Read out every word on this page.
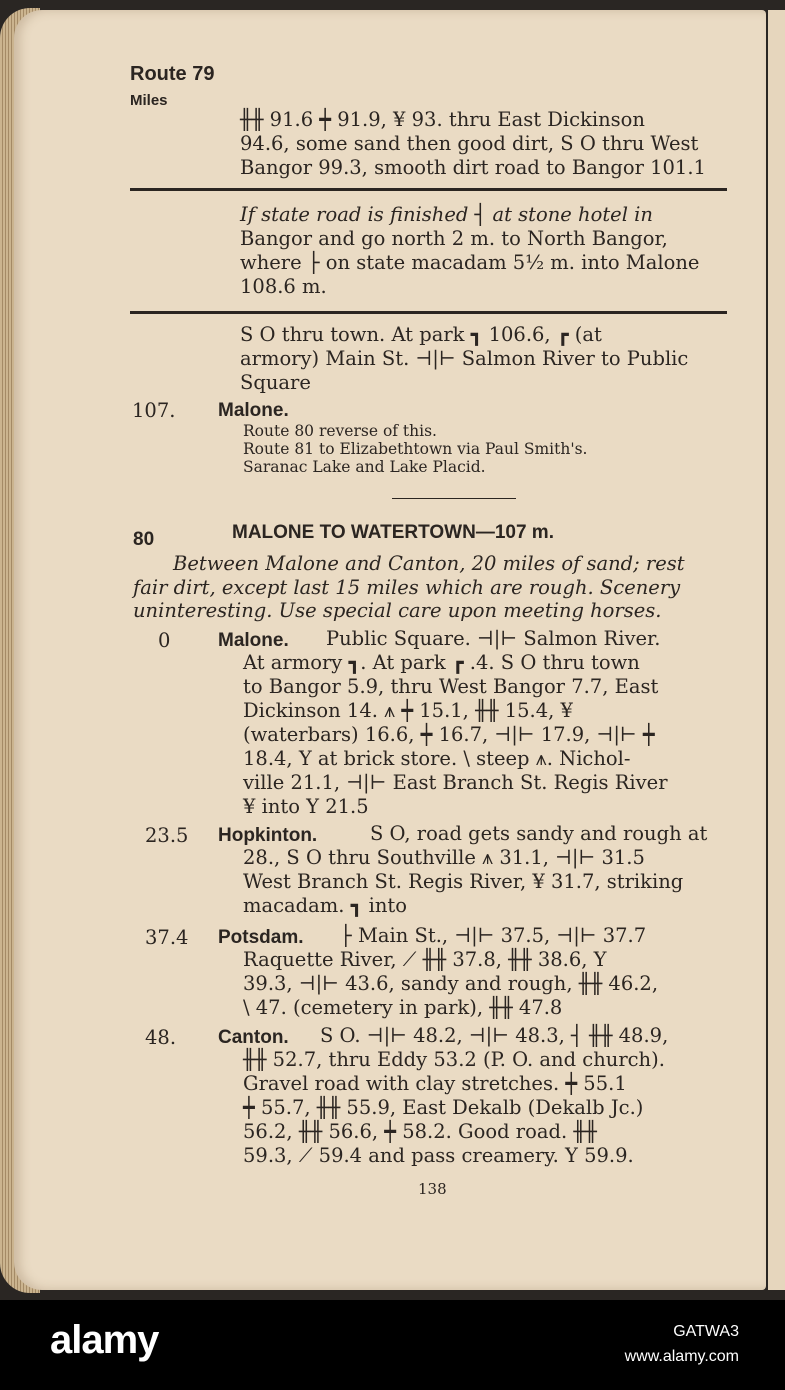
Route 79
Miles
╫╫ 91.6 ┿ 91.9, ¥ 93. thru East Dickinson
94.6, some sand then good dirt, S O thru West
Bangor 99.3, smooth dirt road to Bangor 101.1
If state road is finished ┤ at stone hotel in
Bangor and go north 2 m. to North Bangor,
where ├ on state macadam 5½ m. into Malone
108.6 m.
S O thru town. At park ┓ 106.6, ┏ (at
armory) Main St. ⊣|⊢ Salmon River to Public
Square
107. Malone.
Route 80 reverse of this.
Route 81 to Elizabethtown via Paul Smith's.
Saranac Lake and Lake Placid.
80	MALONE TO WATERTOWN—107 m.
Between Malone and Canton, 20 miles of sand; rest
fair dirt, except last 15 miles which are rough. Scenery
uninteresting. Use special care upon meeting horses.
0	Malone. Public Square. ⊣|⊢ Salmon River.
At armory ┓. At park ┏ .4. S O thru town
to Bangor 5.9, thru West Bangor 7.7, East
Dickinson 14. ⩚ ┿ 15.1, ╫╫ 15.4, ¥
(waterbars) 16.6, ┿ 16.7, ⊣|⊢ 17.9, ⊣|⊢ ┿
18.4, Y at brick store. \ steep ⩚. Nichol-
ville 21.1, ⊣|⊢ East Branch St. Regis River
¥ into Y 21.5
23.5 Hopkinton.	S O, road gets sandy and rough at
28., S O thru Southville ⩚ 31.1, ⊣|⊢ 31.5
West Branch St. Regis River, ¥ 31.7, striking
macadam. ┓ into
37.4 Potsdam. ├ Main St., ⊣|⊢ 37.5, ⊣|⊢ 37.7
Raquette River, ⟋ ╫╫ 37.8, ╫╫ 38.6, Y
39.3, ⊣|⊢ 43.6, sandy and rough, ╫╫ 46.2,
\ 47. (cemetery in park), ╫╫ 47.8
48. Canton. S O. ⊣|⊢ 48.2, ⊣|⊢ 48.3, ┤ ╫╫ 48.9,
╫╫ 52.7, thru Eddy 53.2 (P. O. and church).
Gravel road with clay stretches. ┿ 55.1
┿ 55.7, ╫╫ 55.9, East Dekalb (Dekalb Jc.)
56.2, ╫╫ 56.6, ┿ 58.2. Good road. ╫╫
59.3, ⟋ 59.4 and pass creamery. Y 59.9.
138
alamy	GATWA3
www.alamy.com
